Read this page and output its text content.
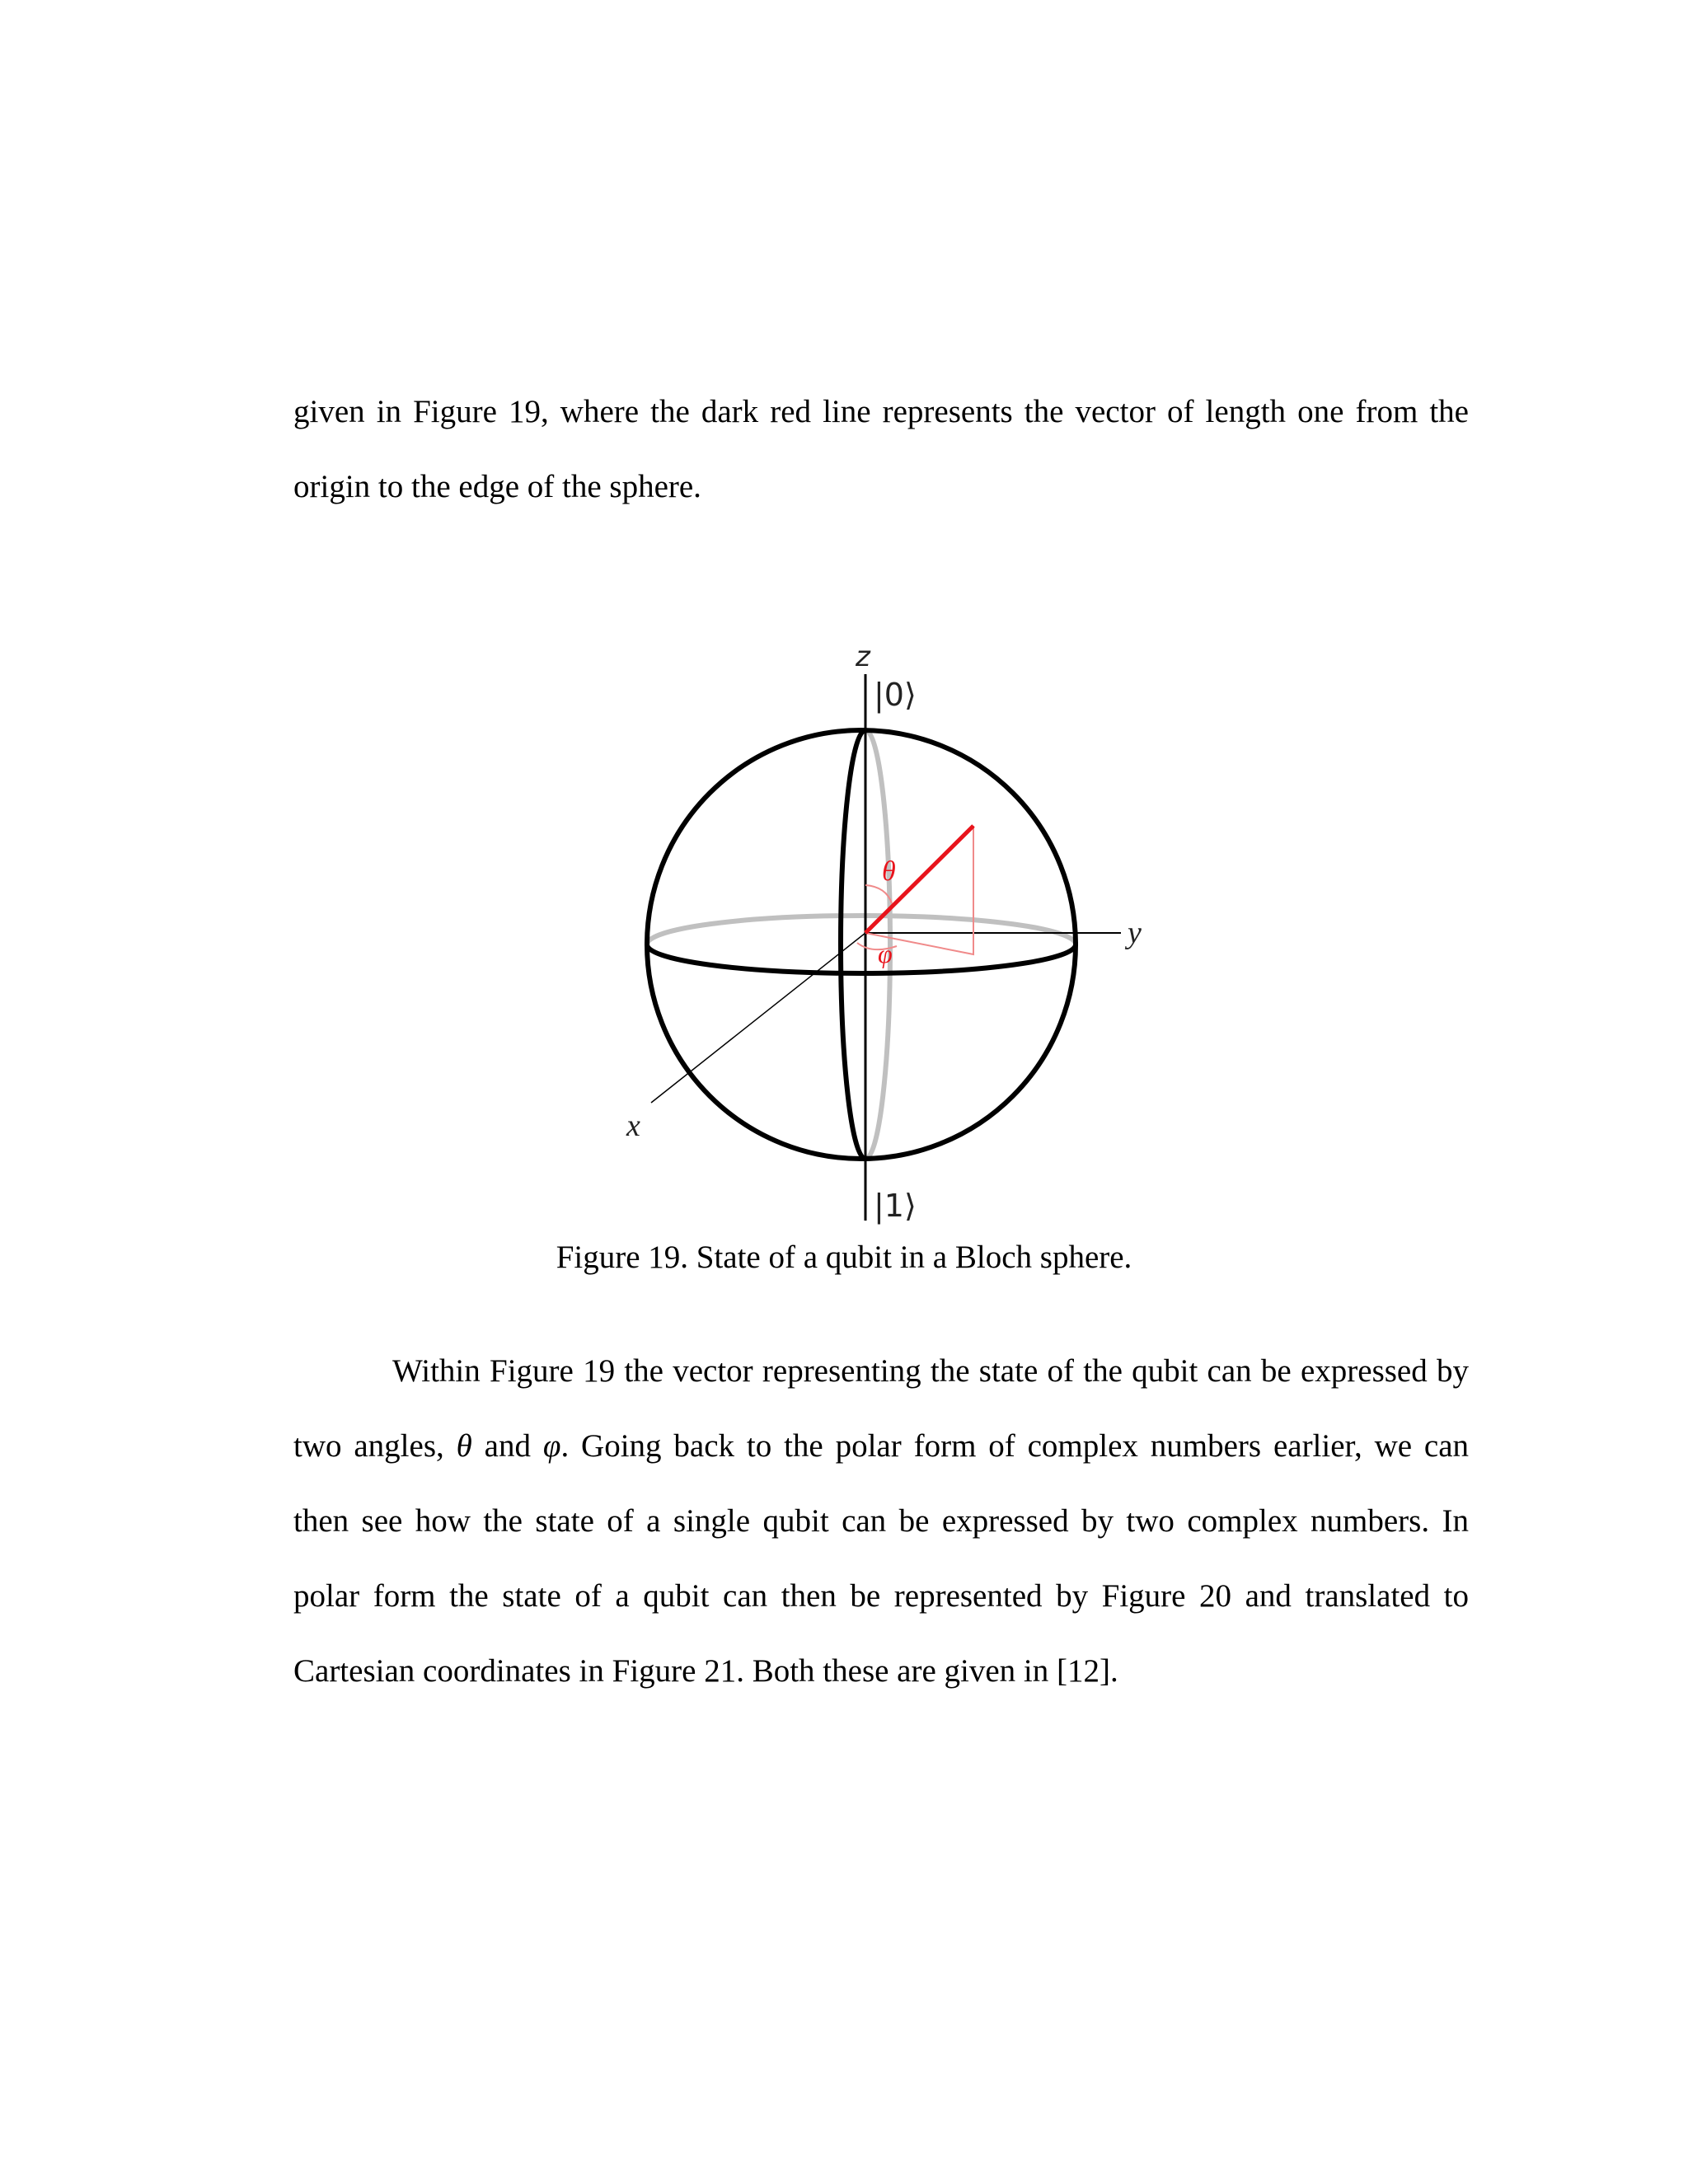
given in Figure 19, where the dark red line represents the vector of length one from the
origin to the edge of the sphere.
z
|0⟩
y
x
θ
φ
|1⟩

Figure 19. State of a qubit in a Bloch sphere.

Within Figure 19 the vector representing the state of the qubit can be expressed by
two angles, θ and φ. Going back to the polar form of complex numbers earlier, we can
then see how the state of a single qubit can be expressed by two complex numbers. In
polar form the state of a qubit can then be represented by Figure 20 and translated to
Cartesian coordinates in Figure 21. Both these are given in [12].
